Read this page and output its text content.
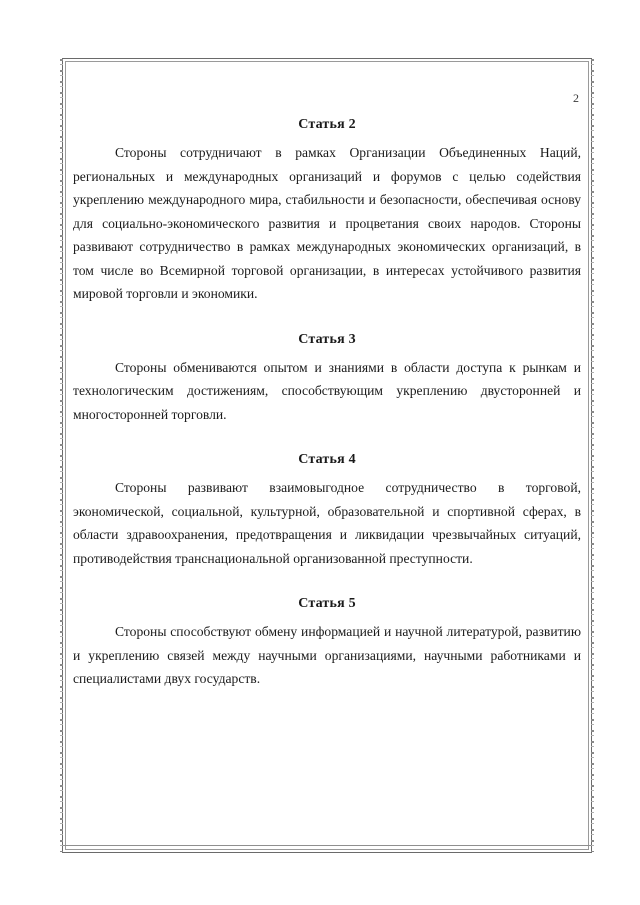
2
Статья 2

Стороны сотрудничают в рамках Организации Объединенных Наций, региональных и международных организаций и форумов с целью содействия укреплению международного мира, стабильности и безопасности, обеспечивая основу для социально-экономического развития и процветания своих народов. Стороны развивают сотрудничество в рамках международных экономических организаций, в том числе во Всемирной торговой организации, в интересах устойчивого развития мировой торговли и экономики.

Статья 3

Стороны обмениваются опытом и знаниями в области доступа к рынкам и технологическим достижениям, способствующим укреплению двусторонней и многосторонней торговли.

Статья 4

Стороны развивают взаимовыгодное сотрудничество в торговой, экономической, социальной, культурной, образовательной и спортивной сферах, в области здравоохранения, предотвращения и ликвидации чрезвычайных ситуаций, противодействия транснациональной организованной преступности.

Статья 5

Стороны способствуют обмену информацией и научной литературой, развитию и укреплению связей между научными организациями, научными работниками и специалистами двух государств.
